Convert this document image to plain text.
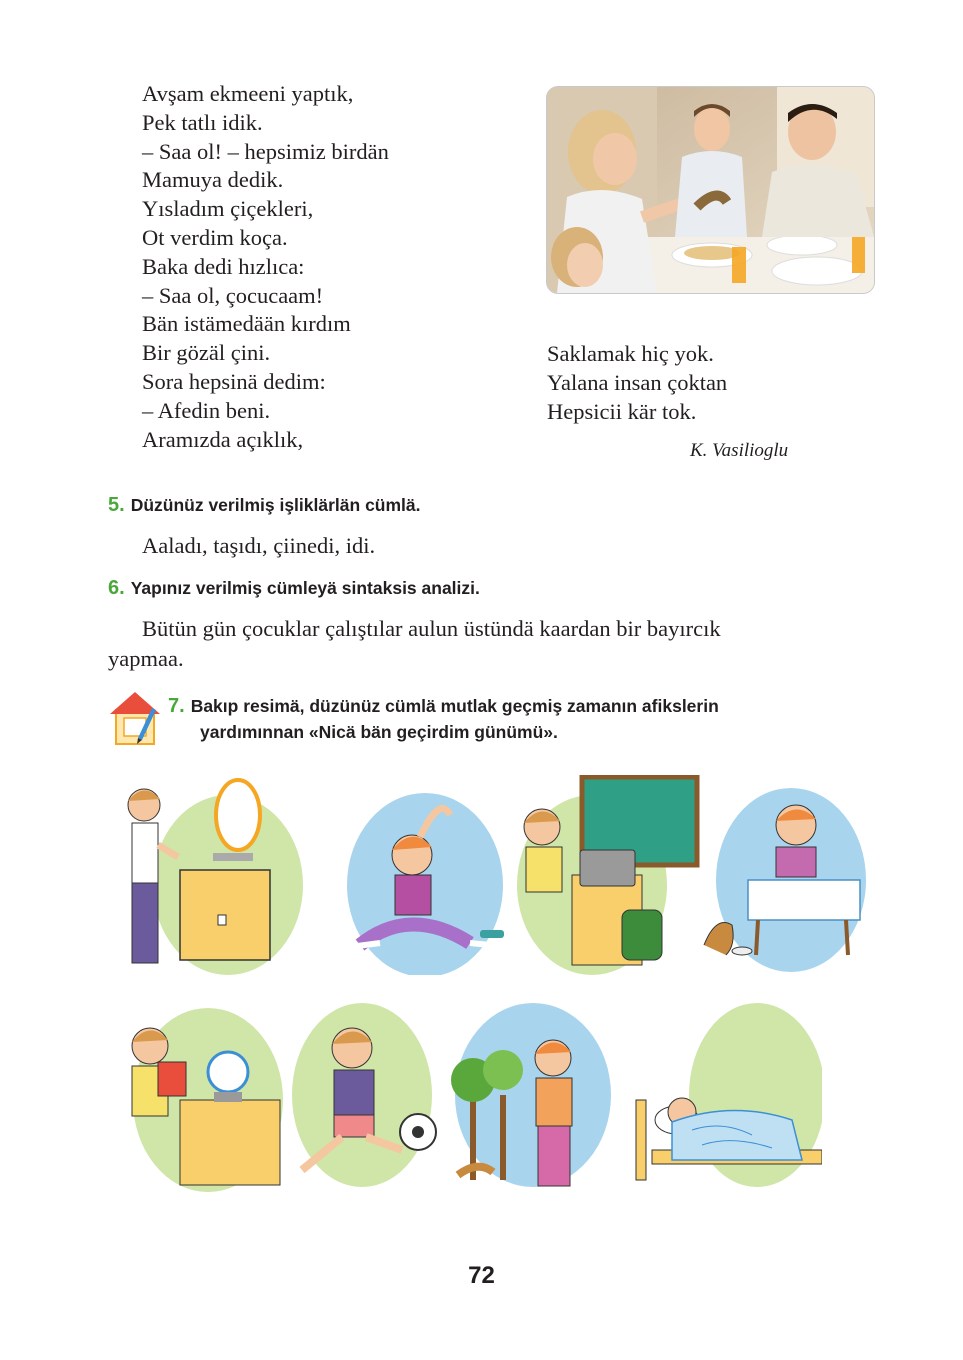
Avşam ekmeeni yaptık,
Pek tatlı idik.
– Saa ol! – hepsimiz birdän
Mamuya dedik.
Yısladım çiçekleri,
Ot verdim koça.
Baka dedi hızlıca:
– Saa ol, çocucaam!
Bän istämedään kırdım
Bir gözäl çini.
Sora hepsinä dedim:
– Afedin beni.
Aramızda açıklık,
Saklamak hiç yok.
Yalana insan çoktan
Hepsicii kär tok.
K. Vasilioglu
5. Düzünüz verilmiş işliklärlän cümlä.
Aaladı, taşıdı, çiinedi, idi.
6. Yapınız verilmiş cümleyä sintaksis analizi.
Bütün gün çocuklar çalıştılar aulun üstündä kaardan bir bayırcık
yapmaa.
7. Bakıp resimä, düzünüz cümlä mutlak geçmiş zamanın afikslerin
yardımınnan «Nicä bän geçirdim günümü».
72
